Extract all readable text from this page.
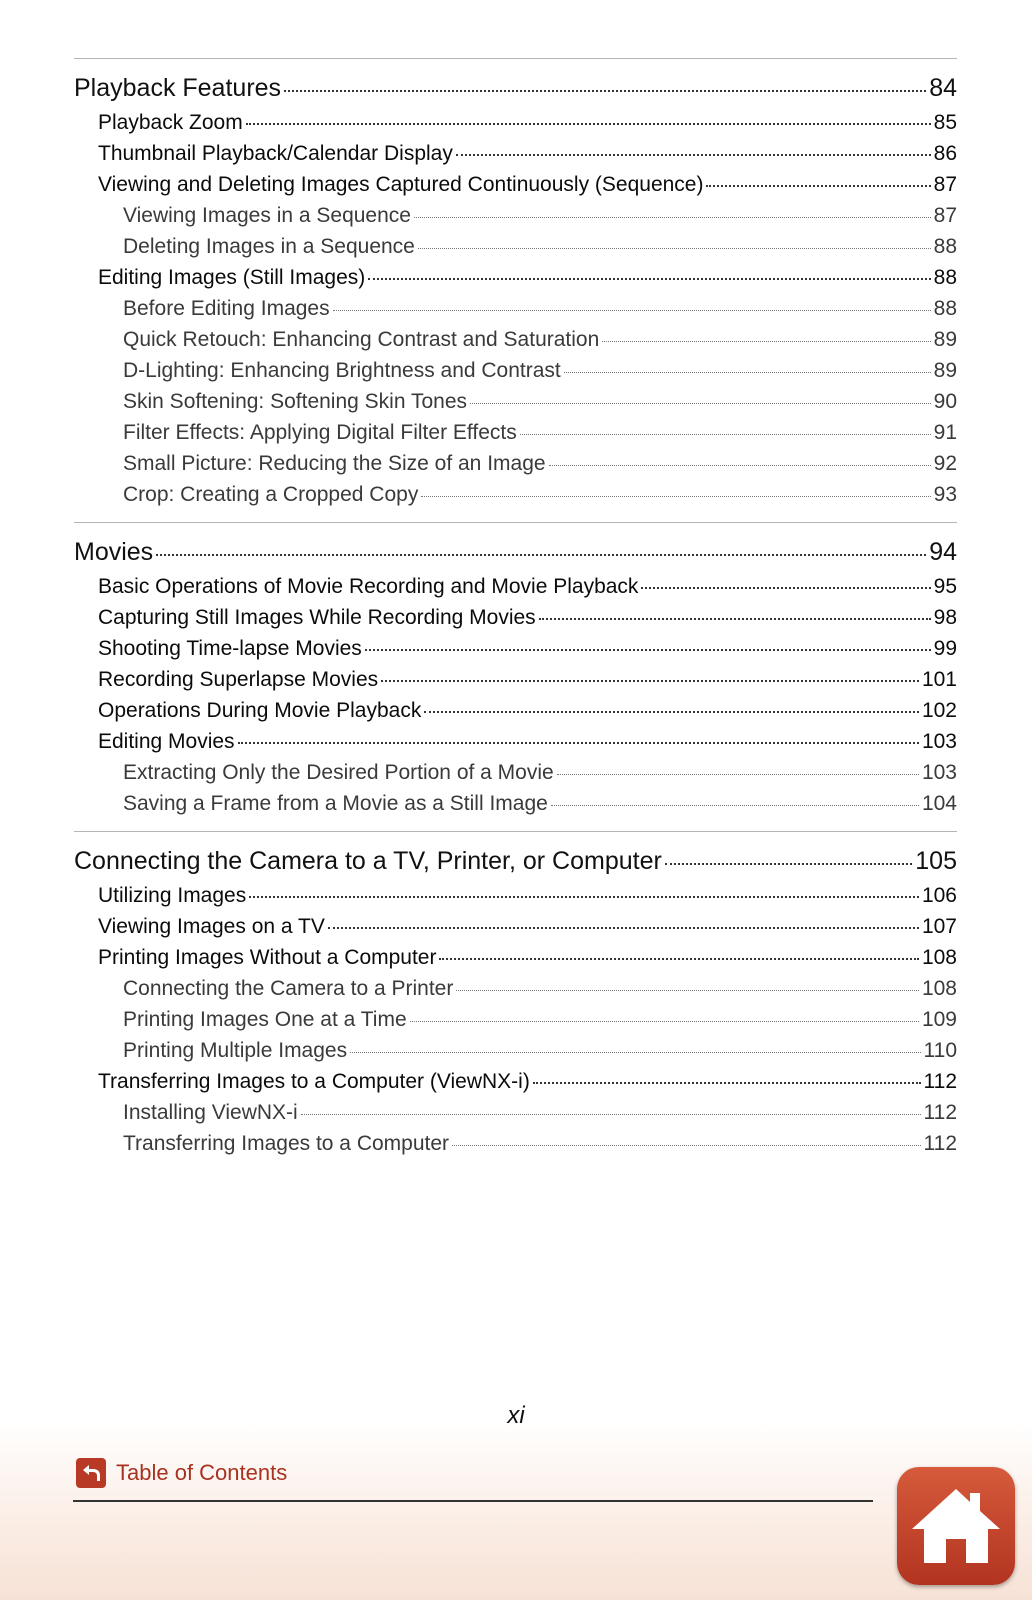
Playback Features	84
Playback Zoom	85
Thumbnail Playback/Calendar Display	86
Viewing and Deleting Images Captured Continuously (Sequence)	87
Viewing Images in a Sequence	87
Deleting Images in a Sequence	88
Editing Images (Still Images)	88
Before Editing Images	88
Quick Retouch: Enhancing Contrast and Saturation	89
D-Lighting: Enhancing Brightness and Contrast	89
Skin Softening: Softening Skin Tones	90
Filter Effects: Applying Digital Filter Effects	91
Small Picture: Reducing the Size of an Image	92
Crop: Creating a Cropped Copy	93
Movies	94
Basic Operations of Movie Recording and Movie Playback	95
Capturing Still Images While Recording Movies	98
Shooting Time-lapse Movies	99
Recording Superlapse Movies	101
Operations During Movie Playback	102
Editing Movies	103
Extracting Only the Desired Portion of a Movie	103
Saving a Frame from a Movie as a Still Image	104
Connecting the Camera to a TV, Printer, or Computer	105
Utilizing Images	106
Viewing Images on a TV	107
Printing Images Without a Computer	108
Connecting the Camera to a Printer	108
Printing Images One at a Time	109
Printing Multiple Images	110
Transferring Images to a Computer (ViewNX-i)	112
Installing ViewNX-i	112
Transferring Images to a Computer	112
xi
Table of Contents
